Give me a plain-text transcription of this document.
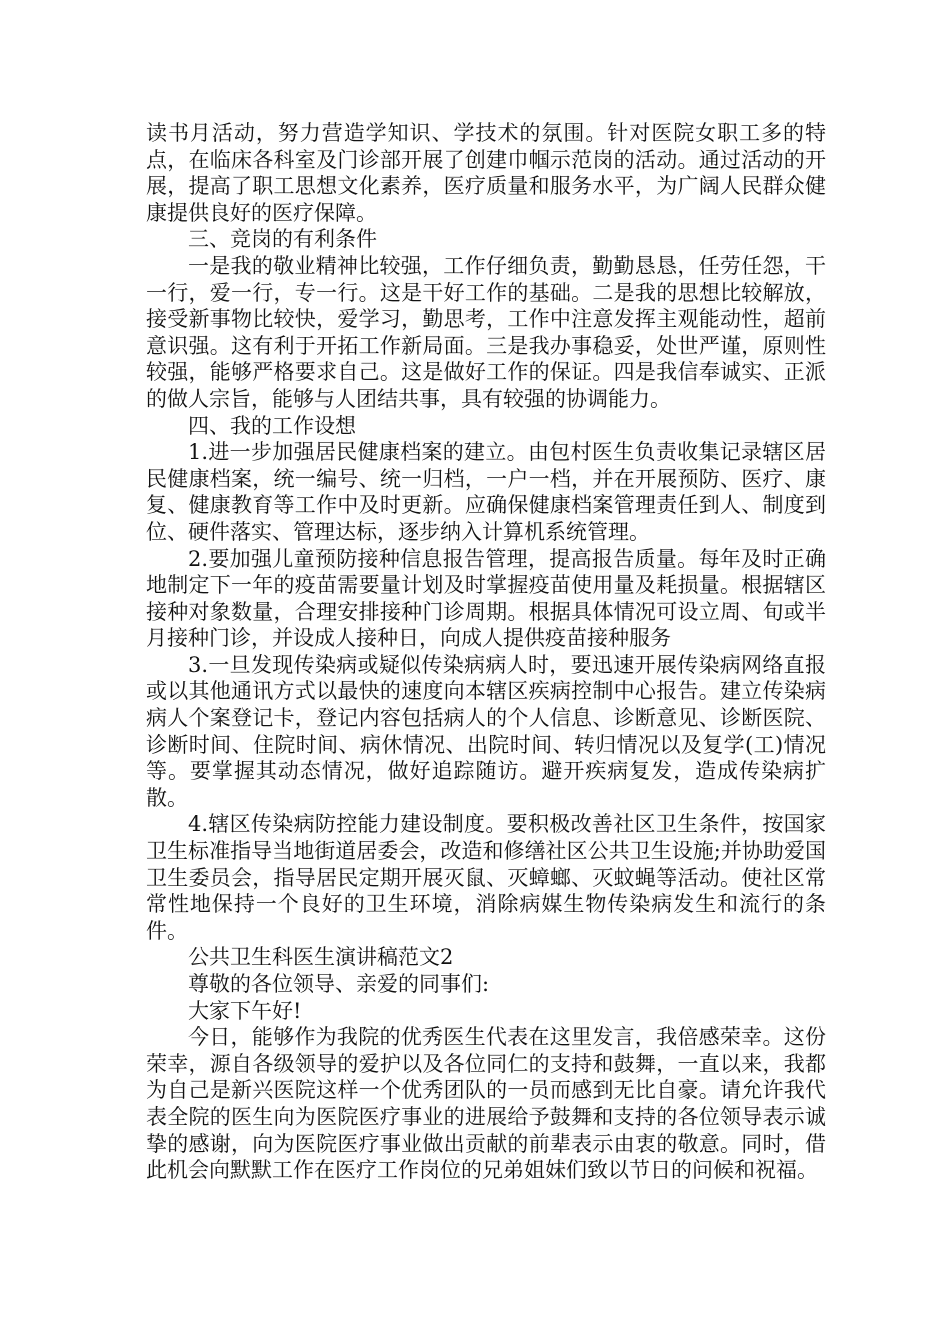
读书月活动，努力营造学知识、学技术的氛围。针对医院女职工多的特点，在临床各科室及门诊部开展了创建巾帼示范岗的活动。通过活动的开展，提高了职工思想文化素养，医疗质量和服务水平，为广阔人民群众健康提供良好的医疗保障。

三、竞岗的有利条件

一是我的敬业精神比较强，工作仔细负责，勤勤恳恳，任劳任怨，干一行，爱一行，专一行。这是干好工作的基础。二是我的思想比较解放，接受新事物比较快，爱学习，勤思考，工作中注意发挥主观能动性，超前意识强。这有利于开拓工作新局面。三是我办事稳妥，处世严谨，原则性较强，能够严格要求自己。这是做好工作的保证。四是我信奉诚实、正派的做人宗旨，能够与人团结共事，具有较强的协调能力。

四、我的工作设想

1.进一步加强居民健康档案的建立。由包村医生负责收集记录辖区居民健康档案，统一编号、统一归档，一户一档，并在开展预防、医疗、康复、健康教育等工作中及时更新。应确保健康档案管理责任到人、制度到位、硬件落实、管理达标，逐步纳入计算机系统管理。

2.要加强儿童预防接种信息报告管理，提高报告质量。每年及时正确地制定下一年的疫苗需要量计划及时掌握疫苗使用量及耗损量。根据辖区接种对象数量，合理安排接种门诊周期。根据具体情况可设立周、旬或半月接种门诊，并设成人接种日，向成人提供疫苗接种服务

3.一旦发现传染病或疑似传染病病人时，要迅速开展传染病网络直报或以其他通讯方式以最快的速度向本辖区疾病控制中心报告。建立传染病病人个案登记卡，登记内容包括病人的个人信息、诊断意见、诊断医院、诊断时间、住院时间、病休情况、出院时间、转归情况以及复学(工)情况等。要掌握其动态情况，做好追踪随访。避开疾病复发，造成传染病扩散。

4.辖区传染病防控能力建设制度。要积极改善社区卫生条件，按国家卫生标准指导当地街道居委会，改造和修缮社区公共卫生设施;并协助爱国卫生委员会，指导居民定期开展灭鼠、灭蟑螂、灭蚊蝇等活动。使社区常常性地保持一个良好的卫生环境，消除病媒生物传染病发生和流行的条件。

公共卫生科医生演讲稿范文2

尊敬的各位领导、亲爱的同事们:

大家下午好!

今日，能够作为我院的优秀医生代表在这里发言，我倍感荣幸。这份荣幸，源自各级领导的爱护以及各位同仁的支持和鼓舞，一直以来，我都为自己是新兴医院这样一个优秀团队的一员而感到无比自豪。请允许我代表全院的医生向为医院医疗事业的进展给予鼓舞和支持的各位领导表示诚挚的感谢，向为医院医疗事业做出贡献的前辈表示由衷的敬意。同时，借此机会向默默工作在医疗工作岗位的兄弟姐妹们致以节日的问候和祝福。
